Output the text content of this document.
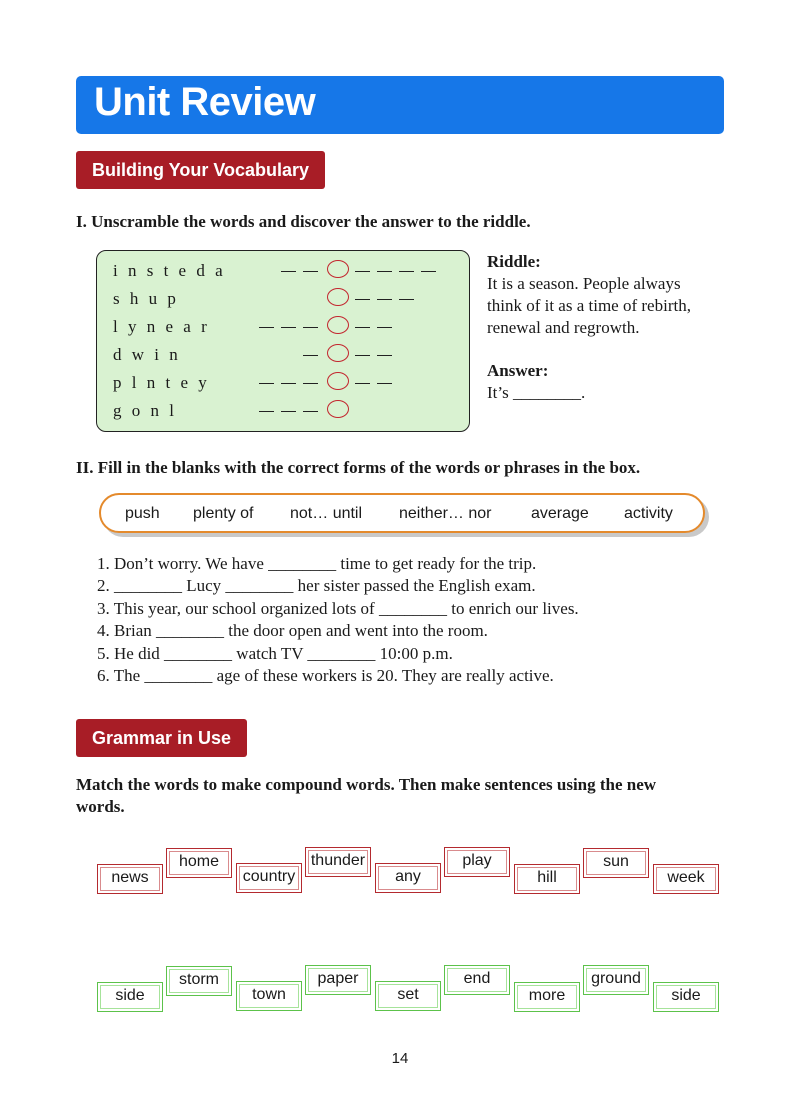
Unit Review
Building Your Vocabulary
I. Unscramble the words and discover the answer to the riddle.
i n s t e d a
s h u p
l y n e a r
d w i n
p l n t e y
g o n l
Riddle:
It is a season. People always
think of it as a time of rebirth,
renewal and regrowth.
Answer:
It’s ________.
II. Fill in the blanks with the correct forms of the words or phrases in the box.
push plenty of not… until neither… nor average activity
1. Don’t worry. We have ________ time to get ready for the trip.
2. ________ Lucy ________ her sister passed the English exam.
3. This year, our school organized lots of ________ to enrich our lives.
4. Brian ________ the door open and went into the room.
5. He did ________ watch TV ________ 10:00 p.m.
6. The ________ age of these workers is 20. They are really active.
Grammar in Use
Match the words to make compound words. Then make sentences using the new
words.
news
home
country
thunder
any
play
hill
sun
week
side
storm
town
paper
set
end
more
ground
side
14
